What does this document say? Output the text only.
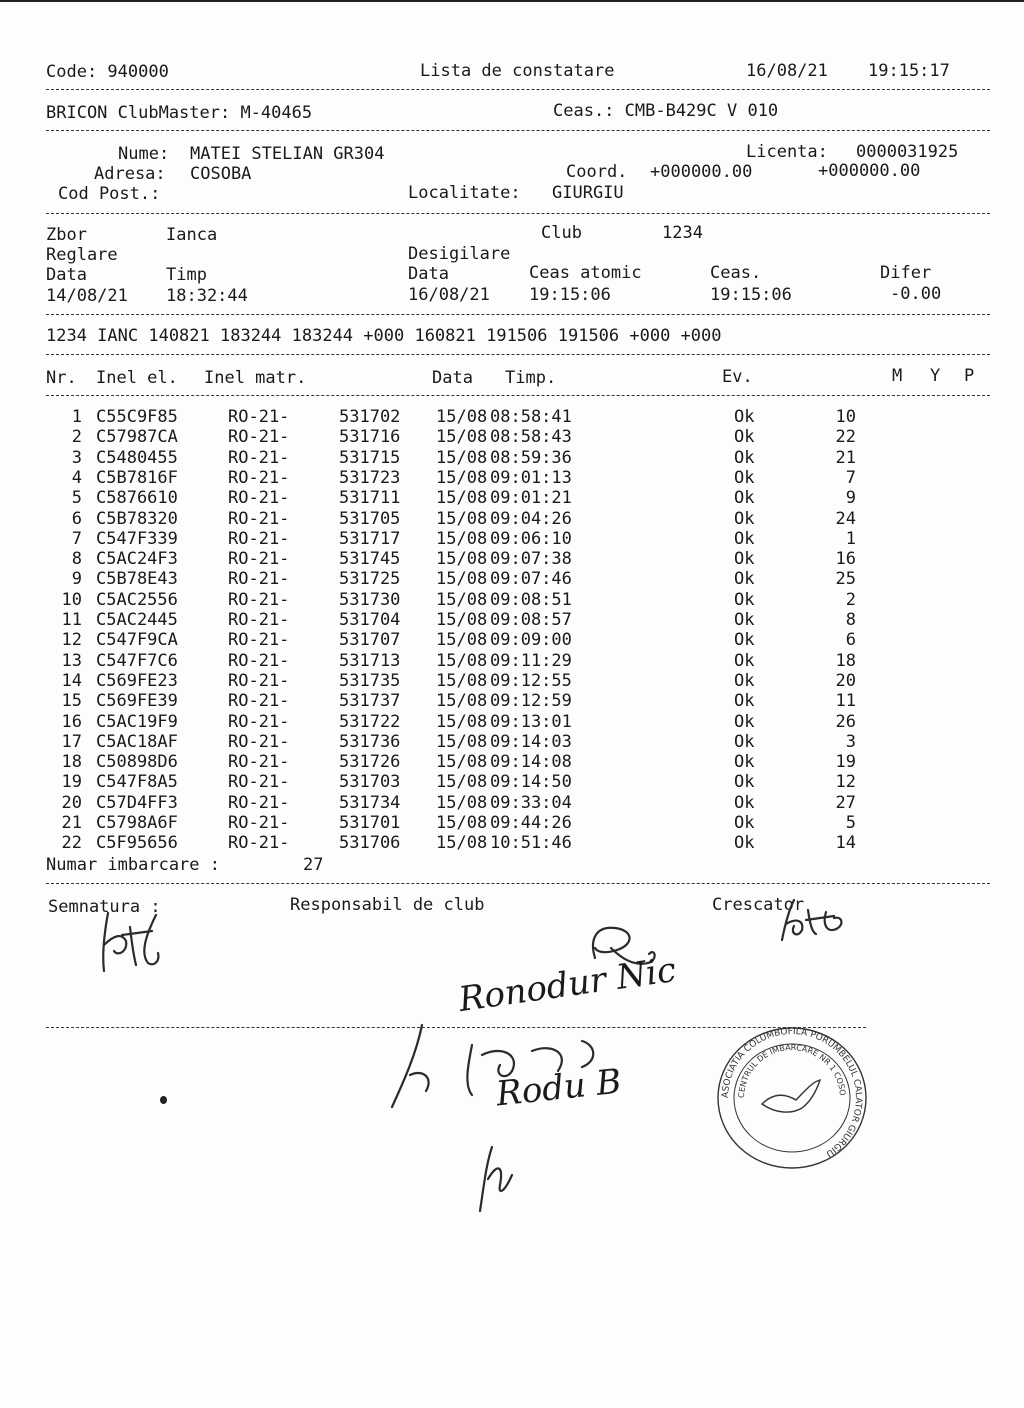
Code: 940000	Lista de constatare	16/08/21 19:15:17
BRICON ClubMaster: M-40465	Ceas.: CMB-B429C V 010
Nume: MATEI STELIAN GR304	Licenta: 0000031925
Adresa: COSOBA	Coord. +000000.00	+000000.00
Cod Post.:	Localitate: GIURGIU
Zbor	Ianca	Club	1234
Reglare	Desigilare
Data	Timp	Data	Ceas atomic	Ceas.	Difer
14/08/21 18:32:44	16/08/21 19:15:06	19:15:06	-0.00
1234 IANC 140821 183244 183244 +000 160821 191506 191506 +000 +000
Nr. Inel el. Inel matr.	Data Timp.	Ev.	M Y P
1 C55C9F85	RO-21-	531702 15/08 08:58:41	Ok	10
2 C57987CA	RO-21-	531716 15/08 08:58:43	Ok	22
3 C5480455	RO-21-	531715 15/08 08:59:36	Ok	21
4 C5B7816F	RO-21-	531723 15/08 09:01:13	Ok	7
5 C5876610	RO-21-	531711 15/08 09:01:21	Ok	9
6 C5B78320	RO-21-	531705 15/08 09:04:26	Ok	24
7 C547F339	RO-21-	531717 15/08 09:06:10	Ok	1
8 C5AC24F3	RO-21-	531745 15/08 09:07:38	Ok	16
9 C5B78E43	RO-21-	531725 15/08 09:07:46	Ok	25
10 C5AC2556	RO-21-	531730 15/08 09:08:51	Ok	2
11 C5AC2445	RO-21-	531704 15/08 09:08:57	Ok	8
12 C547F9CA	RO-21-	531707 15/08 09:09:00	Ok	6
13 C547F7C6	RO-21-	531713 15/08 09:11:29	Ok	18
14 C569FE23	RO-21-	531735 15/08 09:12:55	Ok	20
15 C569FE39	RO-21-	531737 15/08 09:12:59	Ok	11
16 C5AC19F9	RO-21-	531722 15/08 09:13:01	Ok	26
17 C5AC18AF	RO-21-	531736 15/08 09:14:03	Ok	3
18 C50898D6	RO-21-	531726 15/08 09:14:08	Ok	19
19 C547F8A5	RO-21-	531703 15/08 09:14:50	Ok	12
20 C57D4FF3	RO-21-	531734 15/08 09:33:04	Ok	27
21 C5798A6F	RO-21-	531701 15/08 09:44:26	Ok	5
22 C5F95656	RO-21-	531706 15/08 10:51:46	Ok	14
Numar imbarcare :	27
Semnatura :	Responsabil de club	Crescator
Ronodur Nic
Rodu B	ASOCIATIA COLUMBOFILA PORUMBELUL CALATOR GIURGIU
CENTRUL DE IMBARCARE NR 1 COSOBA
